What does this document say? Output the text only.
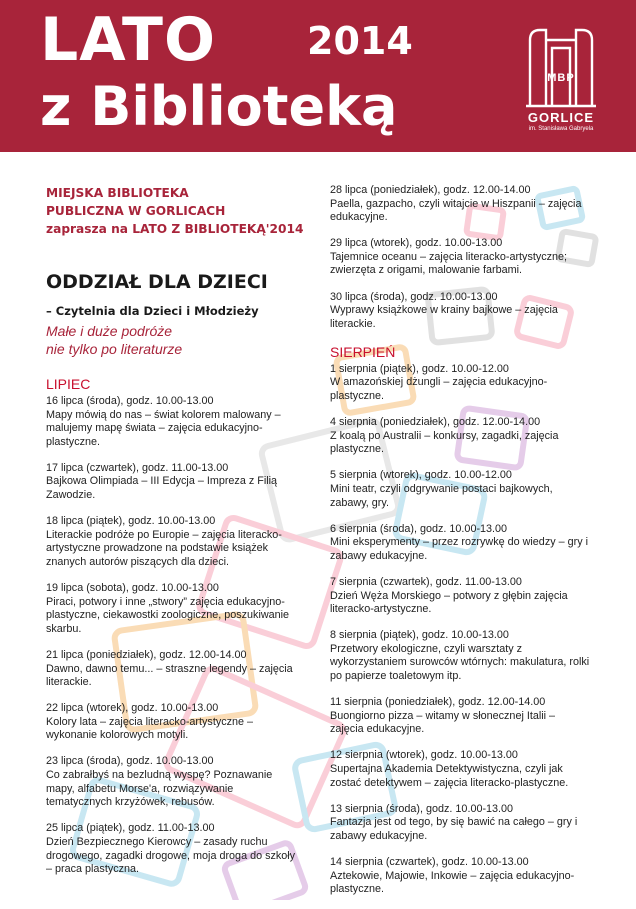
LATO 2014
z Biblioteką	MBP
GORLICE
im. Stanisława Gabryela
MIEJSKA BIBLIOTEKA
PUBLICZNA W GORLICACH
zaprasza na LATO Z BIBLIOTEKĄ'2014
ODDZIAŁ DLA DZIECI
– Czytelnia dla Dzieci i Młodzieży
Małe i duże podróże
nie tylko po literaturze
LIPIEC
16 lipca (środa), godz. 10.00-13.00
Mapy mówią do nas – świat kolorem malowany – malujemy mapę świata – zajęcia edukacyjno-plastyczne.
17 lipca (czwartek), godz. 11.00-13.00
Bajkowa Olimpiada – III Edycja – Impreza z Filią Zawodzie.
18 lipca (piątek), godz. 10.00-13.00
Literackie podróże po Europie – zajęcia literacko-artystyczne prowadzone na podstawie książek znanych autorów piszących dla dzieci.
19 lipca (sobota), godz. 10.00-13.00
Piraci, potwory i inne „stwory” zajęcia edukacyjno-plastyczne, ciekawostki zoologiczne, poszukiwanie skarbu.
21 lipca (poniedziałek), godz. 12.00-14.00
Dawno, dawno temu... – straszne legendy – zajęcia literackie.
22 lipca (wtorek), godz. 10.00-13.00
Kolory lata – zajęcia literacko-artystyczne – wykonanie kolorowych motyli.
23 lipca (środa), godz. 10.00-13.00
Co zabrałbyś na bezludną wyspę? Poznawanie mapy, alfabetu Morse'a, rozwiązywanie tematycznych krzyżówek, rebusów.
25 lipca (piątek), godz. 11.00-13.00
Dzień Bezpiecznego Kierowcy – zasady ruchu drogowego, zagadki drogowe, moja droga do szkoły – praca plastyczna.
28 lipca (poniedziałek), godz. 12.00-14.00
Paella, gazpacho, czyli witajcie w Hiszpanii – zajęcia edukacyjne.
29 lipca (wtorek), godz. 10.00-13.00
Tajemnice oceanu – zajęcia literacko-artystyczne; zwierzęta z origami, malowanie farbami.
30 lipca (środa), godz. 10.00-13.00
Wyprawy książkowe w krainy bajkowe – zajęcia literackie.
SIERPIEŃ
1 sierpnia (piątek), godz. 10.00-12.00
W amazońskiej dżungli – zajęcia edukacyjno-plastyczne.
4 sierpnia (poniedziałek), godz. 12.00-14.00
Z koalą po Australii – konkursy, zagadki, zajęcia plastyczne.
5 sierpnia (wtorek), godz. 10.00-12.00
Mini teatr, czyli odgrywanie postaci bajkowych, zabawy, gry.
6 sierpnia (środa), godz. 10.00-13.00
Mini eksperymenty – przez rozrywkę do wiedzy – gry i zabawy edukacyjne.
7 sierpnia (czwartek), godz. 11.00-13.00
Dzień Węża Morskiego – potwory z głębin zajęcia literacko-artystyczne.
8 sierpnia (piątek), godz. 10.00-13.00
Przetwory ekologiczne, czyli warsztaty z wykorzystaniem surowców wtórnych: makulatura, rolki po papierze toaletowym itp.
11 sierpnia (poniedziałek), godz. 12.00-14.00
Buongiorno pizza – witamy w słonecznej Italii – zajęcia edukacyjne.
12 sierpnia (wtorek), godz. 10.00-13.00
Supertajna Akademia Detektywistyczna, czyli jak zostać detektywem – zajęcia literacko-plastyczne.
13 sierpnia (środa), godz. 10.00-13.00
Fantazja jest od tego, by się bawić na całego – gry i zabawy edukacyjne.
14 sierpnia (czwartek), godz. 10.00-13.00
Aztekowie, Majowie, Inkowie – zajęcia edukacyjno-plastyczne.
